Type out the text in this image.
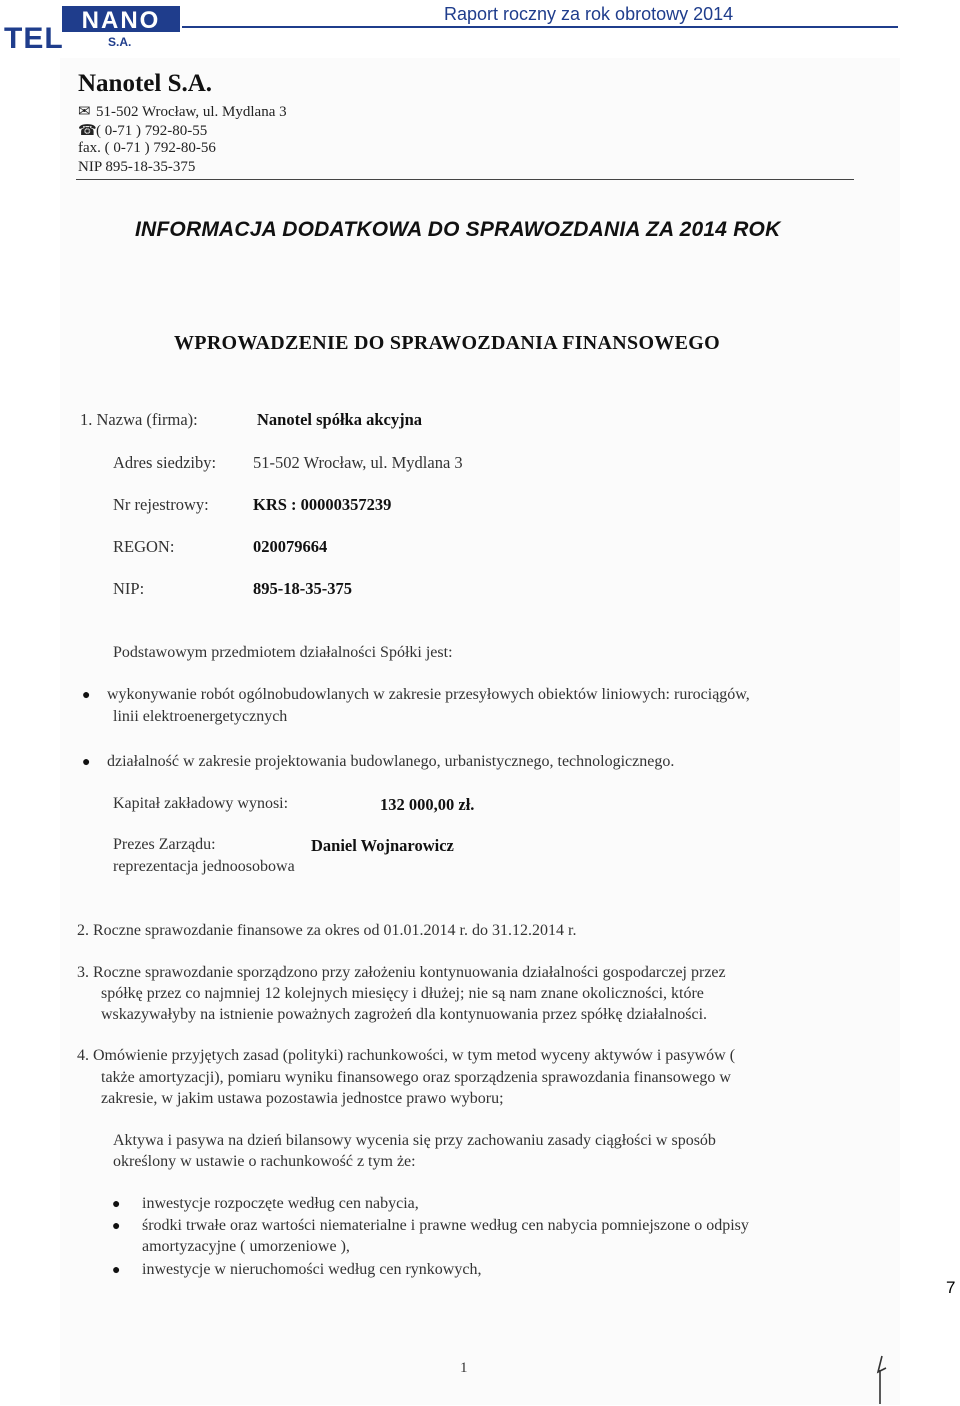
NANO
TEL	S.A.
Raport roczny za rok obrotowy 2014
Nanotel S.A.
✉ 51-502 Wrocław, ul. Mydlana 3
☎( 0-71 ) 792-80-55
fax. ( 0-71 ) 792-80-56
NIP 895-18-35-375
INFORMACJA DODATKOWA DO SPRAWOZDANIA ZA 2014 ROK
WPROWADZENIE DO SPRAWOZDANIA FINANSOWEGO
1. Nazwa (firma):	Nanotel spółka akcyjna
Adres siedziby: 51-502 Wrocław, ul. Mydlana 3
Nr rejestrowy:	KRS : 00000357239
REGON:	020079664
NIP:	895-18-35-375
Podstawowym przedmiotem działalności Spółki jest:
● wykonywanie robót ogólnobudowlanych w zakresie przesyłowych obiektów liniowych: rurociągów,
linii elektroenergetycznych
● działalność w zakresie projektowania budowlanego, urbanistycznego, technologicznego.
Kapitał zakładowy wynosi:	132 000,00 zł.
Prezes Zarządu:	Daniel Wojnarowicz
reprezentacja jednoosobowa
2. Roczne sprawozdanie finansowe za okres od 01.01.2014 r. do 31.12.2014 r.
3. Roczne sprawozdanie sporządzono przy założeniu kontynuowania działalności gospodarczej przez
spółkę przez co najmniej 12 kolejnych miesięcy i dłużej; nie są nam znane okoliczności, które
wskazywałyby na istnienie poważnych zagrożeń dla kontynuowania przez spółkę działalności.
4. Omówienie przyjętych zasad (polityki) rachunkowości, w tym metod wyceny aktywów i pasywów (
także amortyzacji), pomiaru wyniku finansowego oraz sporządzenia sprawozdania finansowego w
zakresie, w jakim ustawa pozostawia jednostce prawo wyboru;
Aktywa i pasywa na dzień bilansowy wycenia się przy zachowaniu zasady ciągłości w sposób
określony w ustawie o rachunkowość z tym że:
● inwestycje rozpoczęte według cen nabycia,
● środki trwałe oraz wartości niematerialne i prawne według cen nabycia pomniejszone o odpisy
amortyzacyjne ( umorzeniowe ),
● inwestycje w nieruchomości według cen rynkowych,
1
7
